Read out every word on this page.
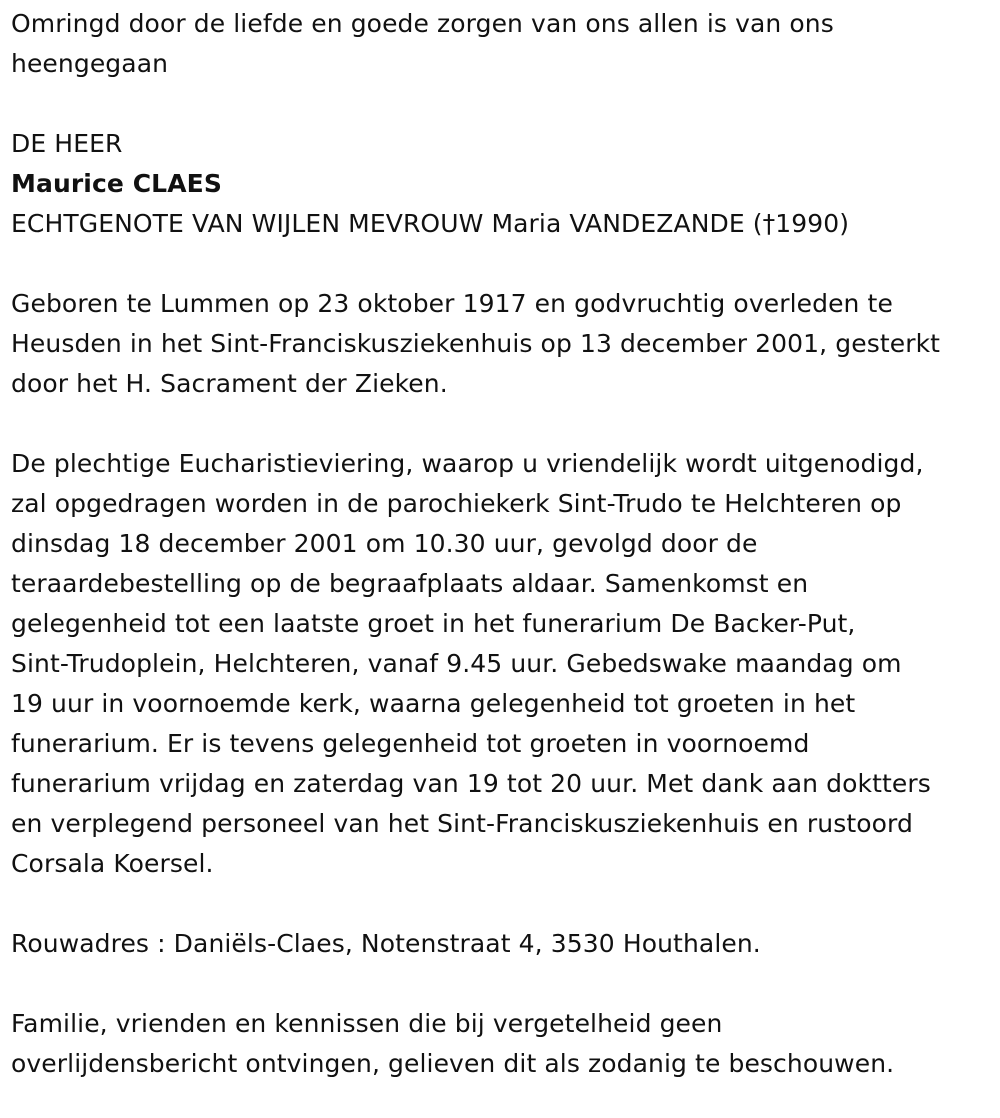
Omringd door de liefde en goede zorgen van ons allen is van ons
heengegaan
DE HEER
Maurice CLAES
ECHTGENOTE VAN WIJLEN MEVROUW Maria VANDEZANDE (†1990)
Geboren te Lummen op 23 oktober 1917 en godvruchtig overleden te
Heusden in het Sint-Franciskusziekenhuis op 13 december 2001, gesterkt
door het H. Sacrament der Zieken.
De plechtige Eucharistieviering, waarop u vriendelijk wordt uitgenodigd,
zal opgedragen worden in de parochiekerk Sint-Trudo te Helchteren op
dinsdag 18 december 2001 om 10.30 uur, gevolgd door de
teraardebestelling op de begraafplaats aldaar. Samenkomst en
gelegenheid tot een laatste groet in het funerarium De Backer-Put,
Sint-Trudoplein, Helchteren, vanaf 9.45 uur. Gebedswake maandag om
19 uur in voornoemde kerk, waarna gelegenheid tot groeten in het
funerarium. Er is tevens gelegenheid tot groeten in voornoemd
funerarium vrijdag en zaterdag van 19 tot 20 uur. Met dank aan doktters
en verplegend personeel van het Sint-Franciskusziekenhuis en rustoord
Corsala Koersel.
Rouwadres : Daniëls-Claes, Notenstraat 4, 3530 Houthalen.
Familie, vrienden en kennissen die bij vergetelheid geen
overlijdensbericht ontvingen, gelieven dit als zodanig te beschouwen.
